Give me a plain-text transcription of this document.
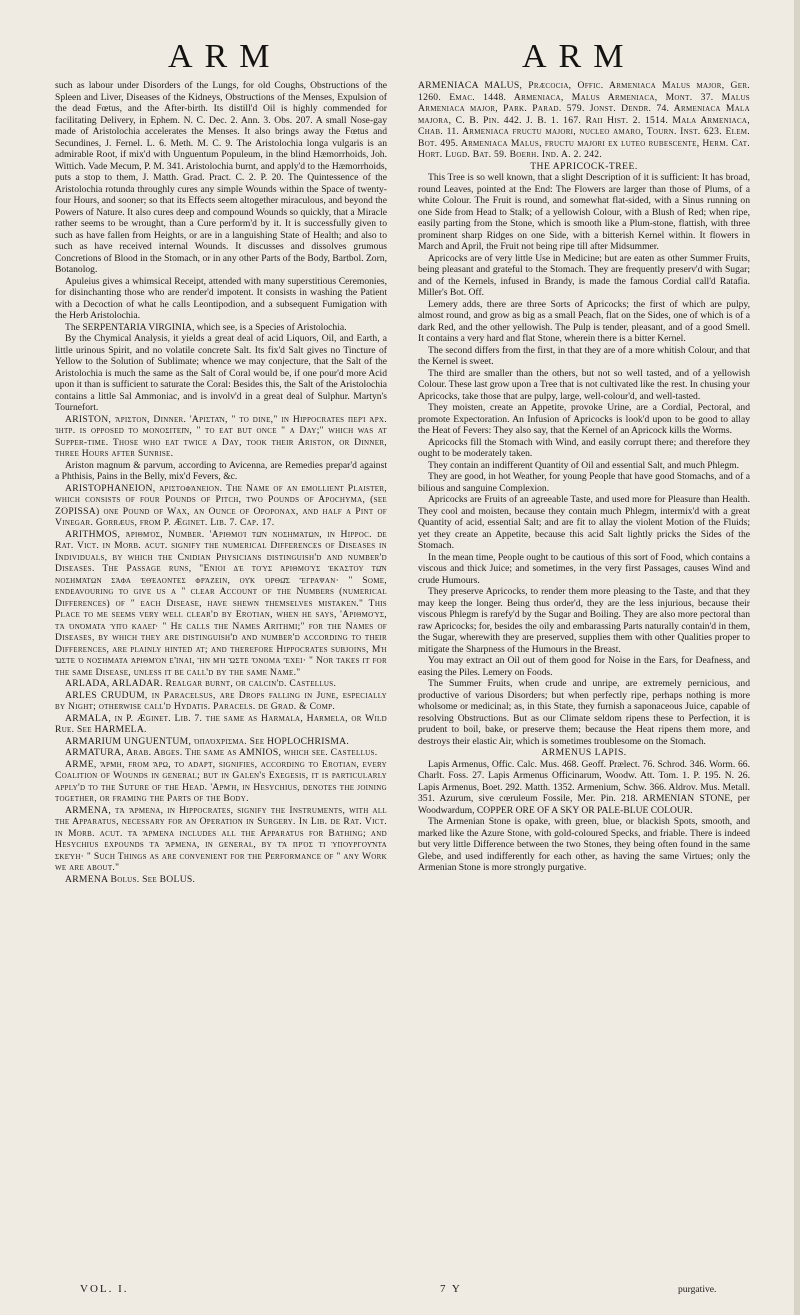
ARM	ARM

such as labour under Disorders of the Lungs, for old Coughs, Obstructions of the Spleen and Liver, Diseases of the Kidneys, Obstructions of the Menses, Expulsion of the dead Fœtus, and the After-birth. Its distill'd Oil is highly commended for facilitating Delivery, in Ephem. N. C. Dec. 2. Ann. 3. Obs. 207. A small Nose-gay made of Aristolochia accelerates the Menses. It also brings away the Fœtus and Secundines, J. Fernel. L. 6. Meth. M. C. 9. The Aristolochia longa vulgaris is an admirable Root, if mix'd with Unguentum Populeum, in the blind Hæmorrhoids, Joh. Wittich. Vade Mecum, P. M. 341. Aristolochia burnt, and apply'd to the Hæmorrhoids, puts a stop to them, J. Matth. Grad. Pract. C. 2. P. 20. The Quintessence of the Aristolochia rotunda throughly cures any simple Wounds within the Space of twenty-four Hours, and sooner; so that its Effects seem altogether miraculous, and beyond the Powers of Nature. It also cures deep and compound Wounds so quickly, that a Miracle rather seems to be wrought, than a Cure perform'd by it. It is successfully given to such as have fallen from Heights, or are in a languishing State of Health; and also to such as have received internal Wounds. It discusses and dissolves grumous Concretions of Blood in the Stomach, or in any other Parts of the Body, Bartbol. Zorn, Botanolog.

Apuleius gives a whimsical Receipt, attended with many superstitious Ceremonies, for disinchanting those who are render'd impotent. It consists in washing the Patient with a Decoction of what he calls Leontipodion, and a subsequent Fumigation with the Herb Aristolochia.

The SERPENTARIA VIRGINIA, which see, is a Species of Aristolochia.

By the Chymical Analysis, it yields a great deal of acid Liquors, Oil, and Earth, a little urinous Spirit, and no volatile concrete Salt. Its fix'd Salt gives no Tincture of Yellow to the Solution of Sublimate; whence we may conjecture, that the Salt of the Aristolochia is much the same as the Salt of Coral would be, if one pour'd more Acid upon it than is sufficient to saturate the Coral: Besides this, the Salt of the Aristolochia contains a little Sal Ammoniac, and is involv'd in a great deal of Sulphur. Martyn's Tournefort.

ARISTON, ἄριστον, Dinner. 'Αριστᾶν, " to dine," in Hippocrates περὶ ἀρχ. ἰητρ. is opposed to μονοσιτεῖν, " to eat but once " a Day;" which was at Supper-time. Those who eat twice a Day, took their Ariston, or Dinner, three Hours after Sunrise.

Ariston magnum & parvum, according to Avicenna, are Remedies prepar'd against a Phthisis, Pains in the Belly, mix'd Fevers, &c.

ARISTOPHANEION, ἀριστοφάνειον. The Name of an emollient Plaister, which consists of four Pounds of Pitch, two Pounds of Apochyma, (see ZOPISSA) one Pound of Wax, an Ounce of Opoponax, and half a Pint of Vinegar. Gorræus, from P. Æginet. Lib. 7. Cap. 17.

ARITHMOS, ἀριθμὸς, Number. 'Αριθμοὶ τῶν νοσημάτων, in Hippoc. de Rat. Vict. in Morb. acut. signify the numerical Differences of Diseases in Individuals, by which the Cnidian Physicians distinguish'd and number'd Diseases. The Passage runs, "Ενιοι δὲ τοὺς ἀριθμοὺς ἑκάστου τῶν νοσημάτων σάφα ἐθέλοντες φράζειν, οὐκ ὀρθῶς ἔγραψαν· " Some, endeavouring to give us a " clear Account of the Numbers (numerical Differences) of " each Disease, have shewn themselves mistaken." This Place to me seems very well clear'd by Erotian, when he says, 'Αριθμοὺς, τὰ ὀνόματα ὑπὸ καλεῖ· " He calls the Names Arithmi;" for the Names of Diseases, by which they are distinguish'd and number'd according to their Differences, are plainly hinted at; and therefore Hippocrates subjoins, Μὴ ὥστε ὁ νοσήματα ἀριθμὸν εἶναι, ἢν μὴ ὥστε ὄνομα ἔχει· " Nor takes it for the same Disease, unless it be call'd by the same Name."

ARLADA, ARLADAR. Realgar burnt, or calcin'd. Castellus.

ARLES CRUDUM, in Paracelsus, are Drops falling in June, especially by Night; otherwise call'd Hydatis. Paracels. de Grad. & Comp.

ARMALA, in P. Æginet. Lib. 7. the same as Harmala, Harmela, or Wild Rue. See HARMELA.

ARMARIUM UNGUENTUM, ὁπλόχρισμα. See HOPLOCHRISMA.

ARMATURA, Arab. Abges. The same as AMNIOS, which see. Castellus.

ARME, ἄρμη, from ἄρω, to adapt, signifies, according to Erotian, every Coalition of Wounds in general; but in Galen's Exegesis, it is particularly apply'd to the Suture of the Head. 'Αρμὴ, in Hesychius, denotes the joining together, or framing the Parts of the Body.

ARMENA, τὰ ἄρμενα, in Hippocrates, signify the Instruments, with all the Apparatus, necessary for an Operation in Surgery. In Lib. de Rat. Vict. in Morb. acut. τὰ ἄρμενα includes all the Apparatus for Bathing; and Hesychius expounds τὰ ἄρμενα, in general, by τὰ πρὸς τι ὑπουργοῦντα σκεύη· " Such Things as are convenient for the Performance of " any Work we are about."

ARMENA Bolus. See BOLUS.

ARMENIACA MALUS, Præcocia, Offic. Armeniaca Malus major, Ger. 1260. Emac. 1448. Armeniaca, Malus Armeniaca, Mont. 37. Malus Armeniaca major, Park. Parad. 579. Jonst. Dendr. 74. Armeniaca Mala majora, C. B. Pin. 442. J. B. 1. 167. Raii Hist. 2. 1514. Mala Armeniaca, Chab. 11. Armeniaca fructu majori, nucleo amaro, Tourn. Inst. 623. Elem. Bot. 495. Armeniaca Malus, fructu majori ex luteo rubescente, Herm. Cat. Hort. Lugd. Bat. 59. Boerh. Ind. A. 2. 242.

THE APRICOCK-TREE.

This Tree is so well known, that a slight Description of it is sufficient: It has broad, round Leaves, pointed at the End: The Flowers are larger than those of Plums, of a white Colour. The Fruit is round, and somewhat flat-sided, with a Sinus running on one Side from Head to Stalk; of a yellowish Colour, with a Blush of Red; when ripe, easily parting from the Stone, which is smooth like a Plum-stone, flattish, with three prominent sharp Ridges on one Side, with a bitterish Kernel within. It flowers in March and April, the Fruit not being ripe till after Midsummer.

Apricocks are of very little Use in Medicine; but are eaten as other Summer Fruits, being pleasant and grateful to the Stomach. They are frequently preserv'd with Sugar; and of the Kernels, infused in Brandy, is made the famous Cordial call'd Ratafia. Miller's Bot. Off.

Lemery adds, there are three Sorts of Apricocks; the first of which are pulpy, almost round, and grow as big as a small Peach, flat on the Sides, one of which is of a dark Red, and the other yellowish. The Pulp is tender, pleasant, and of a good Smell. It contains a very hard and flat Stone, wherein there is a bitter Kernel.

The second differs from the first, in that they are of a more whitish Colour, and that the Kernel is sweet.

The third are smaller than the others, but not so well tasted, and of a yellowish Colour. These last grow upon a Tree that is not cultivated like the rest. In chusing your Apricocks, take those that are pulpy, large, well-colour'd, and well-tasted.

They moisten, create an Appetite, provoke Urine, are a Cordial, Pectoral, and promote Expectoration. An Infusion of Apricocks is look'd upon to be good to allay the Heat of Fevers: They also say, that the Kernel of an Apricock kills the Worms.

Apricocks fill the Stomach with Wind, and easily corrupt there; and therefore they ought to be moderately taken.

They contain an indifferent Quantity of Oil and essential Salt, and much Phlegm.

They are good, in hot Weather, for young People that have good Stomachs, and of a bilious and sanguine Complexion.

Apricocks are Fruits of an agreeable Taste, and used more for Pleasure than Health. They cool and moisten, because they contain much Phlegm, intermix'd with a great Quantity of acid, essential Salt; and are fit to allay the violent Motion of the Fluids; yet they create an Appetite, because this acid Salt lightly pricks the Sides of the Stomach.

In the mean time, People ought to be cautious of this sort of Food, which contains a viscous and thick Juice; and sometimes, in the very first Passages, causes Wind and crude Humours.

They preserve Apricocks, to render them more pleasing to the Taste, and that they may keep the longer. Being thus order'd, they are the less injurious, because their viscous Phlegm is rarefy'd by the Sugar and Boiling. They are also more pectoral than raw Apricocks; for, besides the oily and embarassing Parts naturally contain'd in them, the Sugar, wherewith they are preserved, supplies them with other Qualities proper to mitigate the Sharpness of the Humours in the Breast.

You may extract an Oil out of them good for Noise in the Ears, for Deafness, and easing the Piles. Lemery on Foods.

The Summer Fruits, when crude and unripe, are extremely pernicious, and productive of various Disorders; but when perfectly ripe, perhaps nothing is more wholsome or medicinal; as, in this State, they furnish a saponaceous Juice, capable of resolving Obstructions. But as our Climate seldom ripens these to Perfection, it is prudent to boil, bake, or preserve them; because the Heat ripens them more, and destroys their elastic Air, which is sometimes troublesome on the Stomach.

ARMENUS LAPIS.

Lapis Armenus, Offic. Calc. Mus. 468. Geoff. Prælect. 76. Schrod. 346. Worm. 66. Charlt. Foss. 27. Lapis Armenus Officinarum, Woodw. Att. Tom. 1. P. 195. N. 26. Lapis Armenus, Boet. 292. Matth. 1352. Armenium, Schw. 366. Aldrov. Mus. Metall. 351. Azurum, sive cœruleum Fossile, Mer. Pin. 218. ARMENIAN STONE, per Woodwardum, COPPER ORE OF A SKY OR PALE-BLUE COLOUR.

The Armenian Stone is opake, with green, blue, or blackish Spots, smooth, and marked like the Azure Stone, with gold-coloured Specks, and friable. There is indeed but very little Difference between the two Stones, they being often found in the same Glebe, and used indifferently for each other, as having the same Virtues; only the Armenian Stone is more strongly purgative.

VOL. I.	7 Y	purgative.
